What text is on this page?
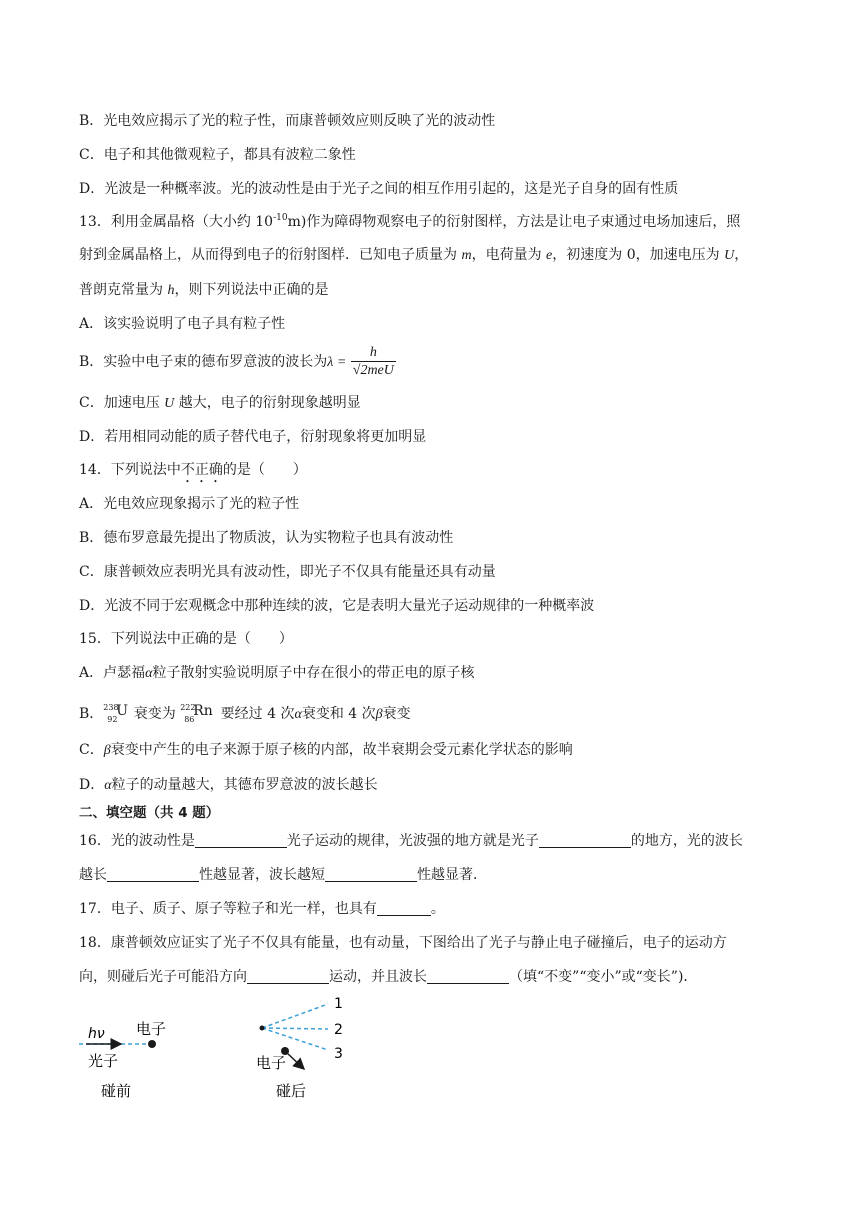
B．光电效应揭示了光的粒子性，而康普顿效应则反映了光的波动性
C．电子和其他微观粒子，都具有波粒二象性
D．光波是一种概率波。光的波动性是由于光子之间的相互作用引起的，这是光子自身的固有性质
13．利用金属晶格（大小约 $10^{-10}m$)作为障碍物观察电子的衍射图样，方法是让电子束通过电场加速后，照
射到金属晶格上，从而得到电子的衍射图样．已知电子质量为 m，电荷量为 e，初速度为 0，加速电压为 U，
普朗克常量为 h，则下列说法中正确的是
A．该实验说明了电子具有粒子性
B．实验中电子束的德布罗意波的波长为$\lambda = \frac{h}{\text{√2meU}}$
C．加速电压 U 越大，电子的衍射现象越明显
D．若用相同动能的质子替代电子，衍射现象将更加明显
14．下列说法中不正确的是（　　）
A．光电效应现象揭示了光的粒子性
B．德布罗意最先提出了物质波，认为实物粒子也具有波动性
C．康普顿效应表明光具有波动性，即光子不仅具有能量还具有动量
D．光波不同于宏观概念中那种连续的波，它是表明大量光子运动规律的一种概率波
15．下列说法中正确的是（　　）
A．卢瑟福α粒子散射实验说明原子中存在很小的带正电的原子核
B． 238
92
U 衰变为 222
86
Rn 要经过 4 次α衰变和 4 次β衰变
C．β衰变中产生的电子来源于原子核的内部，故半衰期会受元素化学状态的影响
D．α粒子的动量越大，其德布罗意波的波长越长
二、填空题（共 4 题）
16．光的波动性是	光子运动的规律，光波强的地方就是光子	的地方，光的波长
越长	性越显著，波长越短	性越显著．
17．电子、质子、原子等粒子和光一样，也具有	。
18．康普顿效应证实了光子不仅具有能量，也有动量，下图给出了光子与静止电子碰撞后，电子的运动方
向，则碰后光子可能沿方向	运动，并且波长	（填“不变”“变小”或“变长”)．
hν 电子
光子
碰前
1
2
3
电子
碰后
